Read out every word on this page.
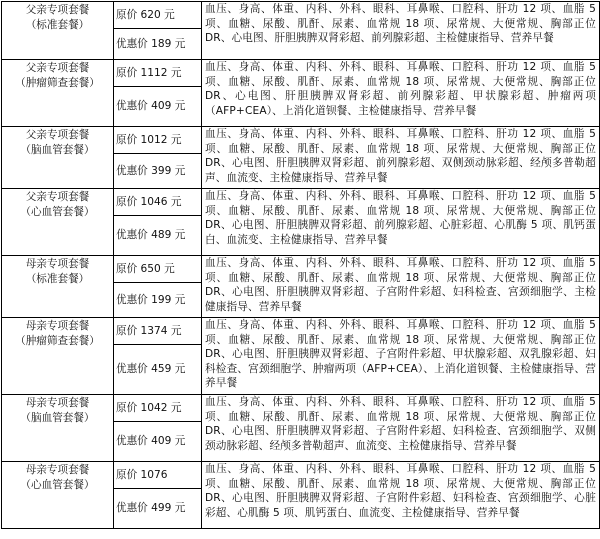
父亲专项套餐
（标准套餐）	原价 620 元	血压、身高、体重、内科、外科、眼科、耳鼻喉、口腔科、肝功 12 项、血脂 5 项、血糖、尿酸、肌酐、尿素、血常规 18 项、尿常规、大便常规、胸部正位 DR、心电图、肝胆胰脾双肾彩超、前列腺彩超、主检健康指导、营养早餐
	优惠价 189 元	

父亲专项套餐
（肿瘤筛查套餐）	原价 1112 元	血压、身高、体重、内科、外科、眼科、耳鼻喉、口腔科、肝功 12 项、血脂 5 项、血糖、尿酸、肌酐、尿素、血常规 18 项、尿常规、大便常规、胸部正位 DR、心电图、肝胆胰脾双肾彩超、前列腺彩超、甲状腺彩超、肿瘤两项（AFP+CEA）、上消化道钡餐、主检健康指导、营养早餐
	优惠价 409 元	

父亲专项套餐
（脑血管套餐）	原价 1012 元	血压、身高、体重、内科、外科、眼科、耳鼻喉、口腔科、肝功 12 项、血脂 5 项、血糖、尿酸、肌酐、尿素、血常规 18 项、尿常规、大便常规、胸部正位 DR、心电图、肝胆胰脾双肾彩超、前列腺彩超、双侧颈动脉彩超、经颅多普勒超声、血流变、主检健康指导、营养早餐
	优惠价 399 元	

父亲专项套餐
（心血管套餐）	原价 1046 元	血压、身高、体重、内科、外科、眼科、耳鼻喉、口腔科、肝功 12 项、血脂 5 项、血糖、尿酸、肌酐、尿素、血常规 18 项、尿常规、大便常规、胸部正位 DR、心电图、肝胆胰脾双肾彩超、前列腺彩超、心脏彩超、心肌酶 5 项、肌钙蛋白、血流变、主检健康指导、营养早餐
	优惠价 489 元	

母亲专项套餐
（标准套餐）	原价 650 元	血压、身高、体重、内科、外科、眼科、耳鼻喉、口腔科、肝功 12 项、血脂 5 项、血糖、尿酸、肌酐、尿素、血常规 18 项、尿常规、大便常规、胸部正位 DR、心电图、肝胆胰脾双肾彩超、子宫附件彩超、妇科检查、宫颈细胞学、主检健康指导、营养早餐
	优惠价 199 元	

母亲专项套餐
（肿瘤筛查套餐）	原价 1374 元	血压、身高、体重、内科、外科、眼科、耳鼻喉、口腔科、肝功 12 项、血脂 5 项、血糖、尿酸、肌酐、尿素、血常规 18 项、尿常规、大便常规、胸部正位 DR、心电图、肝胆胰脾双肾彩超、子宫附件彩超、甲状腺彩超、双乳腺彩超、妇科检查、宫颈细胞学、肿瘤两项（AFP+CEA）、上消化道钡餐、主检健康指导、营养早餐
	优惠价 459 元	

母亲专项套餐
（脑血管套餐）	原价 1042 元	血压、身高、体重、内科、外科、眼科、耳鼻喉、口腔科、肝功 12 项、血脂 5 项、血糖、尿酸、肌酐、尿素、血常规 18 项、尿常规、大便常规、胸部正位 DR、心电图、肝胆胰脾双肾彩超、子宫附件彩超、妇科检查、宫颈细胞学、双侧颈动脉彩超、经颅多普勒超声、血流变、主检健康指导、营养早餐
	优惠价 409 元	

母亲专项套餐
（心血管套餐）	原价 1076	血压、身高、体重、内科、外科、眼科、耳鼻喉、口腔科、肝功 12 项、血脂 5 项、血糖、尿酸、肌酐、尿素、血常规 18 项、尿常规、大便常规、胸部正位 DR、心电图、肝胆胰脾双肾彩超、子宫附件彩超、妇科检查、宫颈细胞学、心脏彩超、心肌酶 5 项、肌钙蛋白、血流变、主检健康指导、营养早餐
	优惠价 499 元	
